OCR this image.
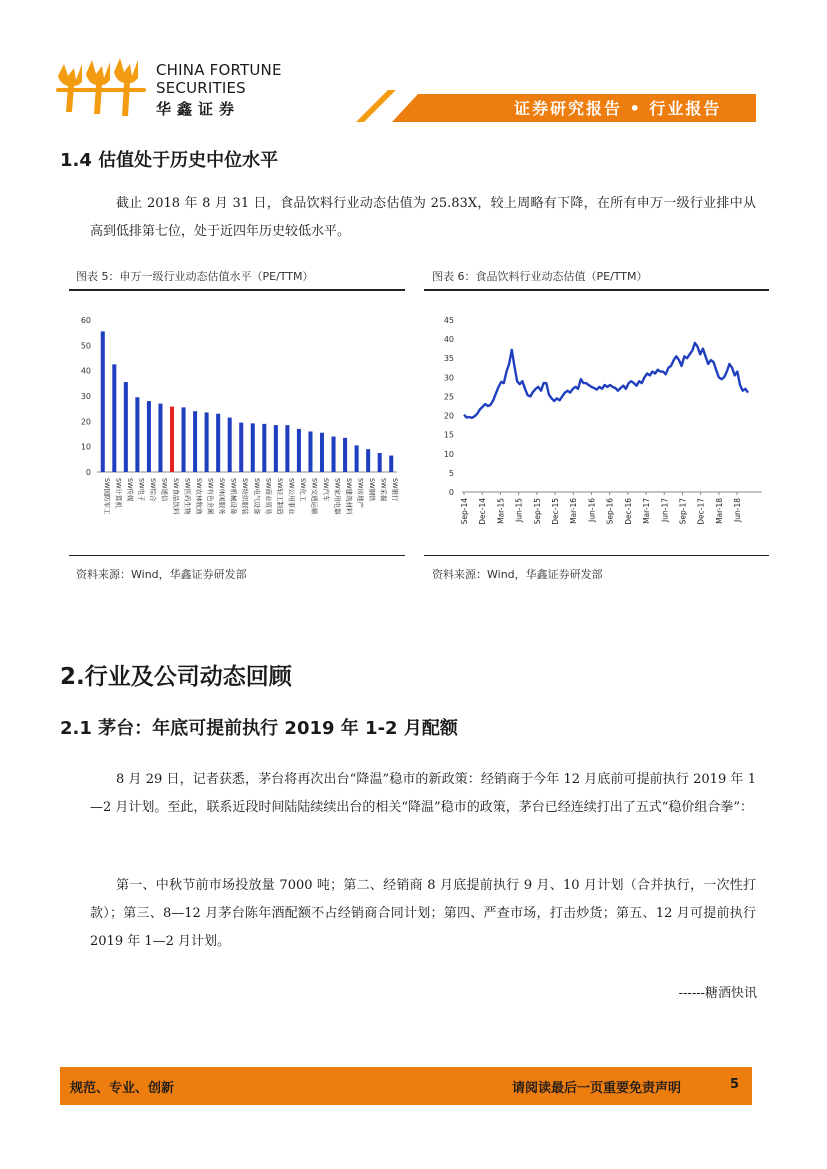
CHINA FORTUNE
SECURITIES
华鑫证券	证券研究报告 • 行业报告
1.4 估值处于历史中位水平

截止 2018 年 8 月 31 日，食品饮料行业动态估值为 25.83X，较上周略有下降，在所有申万一级行业排中从高到低排第七位，处于近四年历史较低水平。

图表 5：申万一级行业动态估值水平（PE/TTM）
0
10
20
30
40
50
60
SW国防军工 SW计算机 SW传媒 SW电子 SW综合 SW通信 SW食品饮料 SW医药生物 SW农林牧渔 SW有色金属 SW休闲服务 SW机械设备 SW纺织服装 SW电气设备 SW商业贸易 SW轻工制造 SW公用事业 SW化工 SW交通运输 SW汽车 SW家用电器 SW建筑材料 SW房地产 SW钢铁 SW采掘 SW银行
资料来源：Wind，华鑫证券研发部
图表 6：食品饮料行业动态估值（PE/TTM）
0
5
10
15
20
25
30
35
40
45
Sep-14 Dec-14 Mar-15 Jun-15 Sep-15 Dec-15 Mar-16 Jun-16 Sep-16 Dec-16 Mar-17 Jun-17 Sep-17 Dec-17 Mar-18 Jun-18
资料来源：Wind，华鑫证券研发部
2.行业及公司动态回顾
2.1 茅台：年底可提前执行 2019 年 1-2 月配额

8 月 29 日，记者获悉，茅台将再次出台“降温”稳市的新政策：经销商于今年 12 月底前可提前执行 2019 年 1—2 月计划。至此，联系近段时间陆陆续续出台的相关“降温”稳市的政策，茅台已经连续打出了五式“稳价组合拳”：

第一、中秋节前市场投放量 7000 吨；第二、经销商 8 月底提前执行 9 月、10 月计划（合并执行，一次性打款）；第三、8—12 月茅台陈年酒配额不占经销商合同计划；第四、严查市场，打击炒货；第五、12 月可提前执行 2019 年 1—2 月计划。

------糖酒快讯
规范、专业、创新	请阅读最后一页重要免责声明	5
